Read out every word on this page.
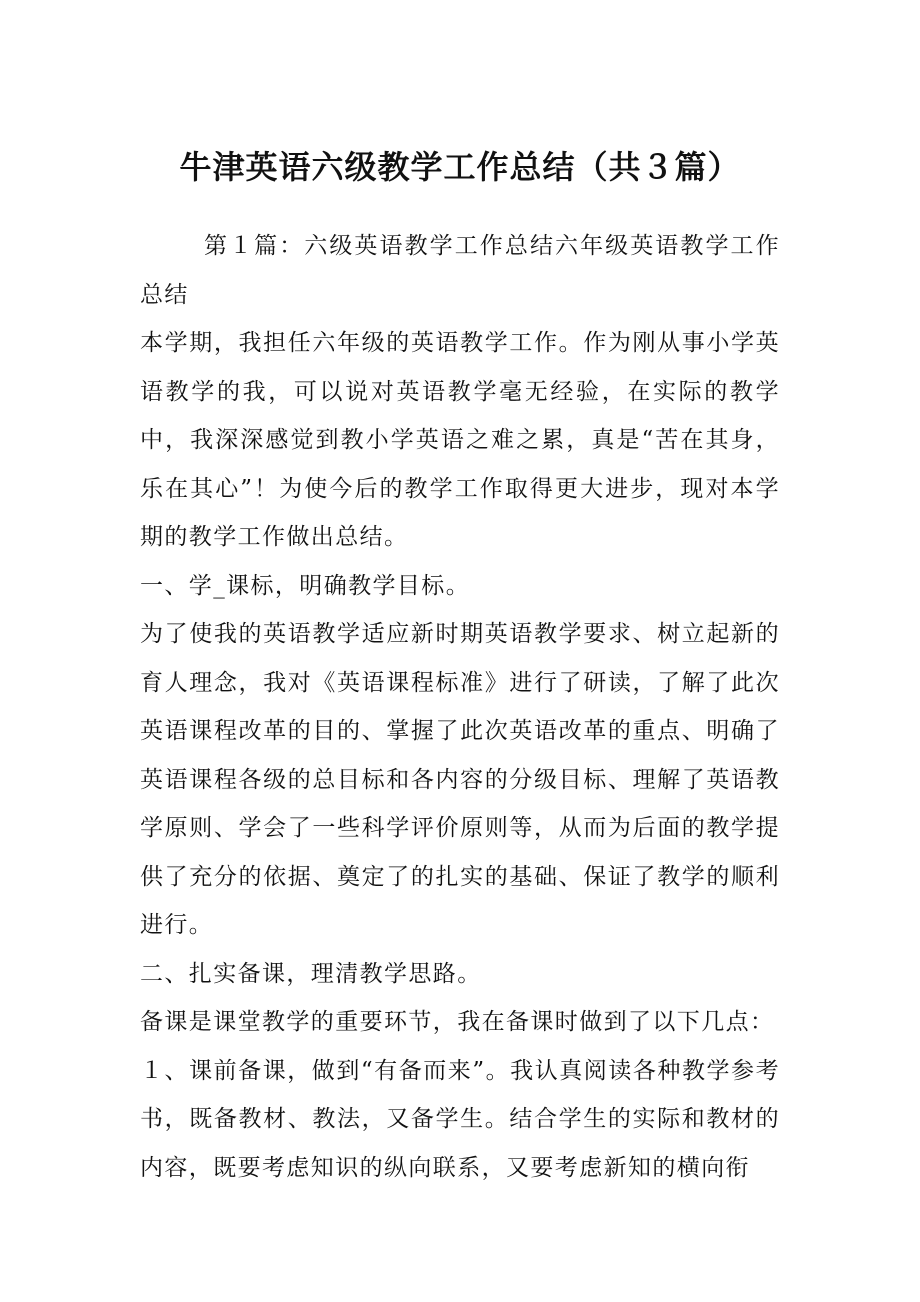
牛津英语六级教学工作总结（共３篇）

第１篇：六级英语教学工作总结六年级英语教学工作总结

本学期，我担任六年级的英语教学工作。作为刚从事小学英语教学的我，可以说对英语教学毫无经验，在实际的教学中，我深深感觉到教小学英语之难之累，真是“苦在其身，乐在其心”！为使今后的教学工作取得更大进步，现对本学期的教学工作做出总结。

一、学_课标，明确教学目标。

为了使我的英语教学适应新时期英语教学要求、树立起新的育人理念，我对《英语课程标准》进行了研读，了解了此次英语课程改革的目的、掌握了此次英语改革的重点、明确了英语课程各级的总目标和各内容的分级目标、理解了英语教学原则、学会了一些科学评价原则等，从而为后面的教学提供了充分的依据、奠定了的扎实的基础、保证了教学的顺利进行。

二、扎实备课，理清教学思路。

备课是课堂教学的重要环节，我在备课时做到了以下几点：

１、课前备课，做到“有备而来”。我认真阅读各种教学参考书，既备教材、教法，又备学生。结合学生的实际和教材的内容，既要考虑知识的纵向联系，又要考虑新知的横向衔
